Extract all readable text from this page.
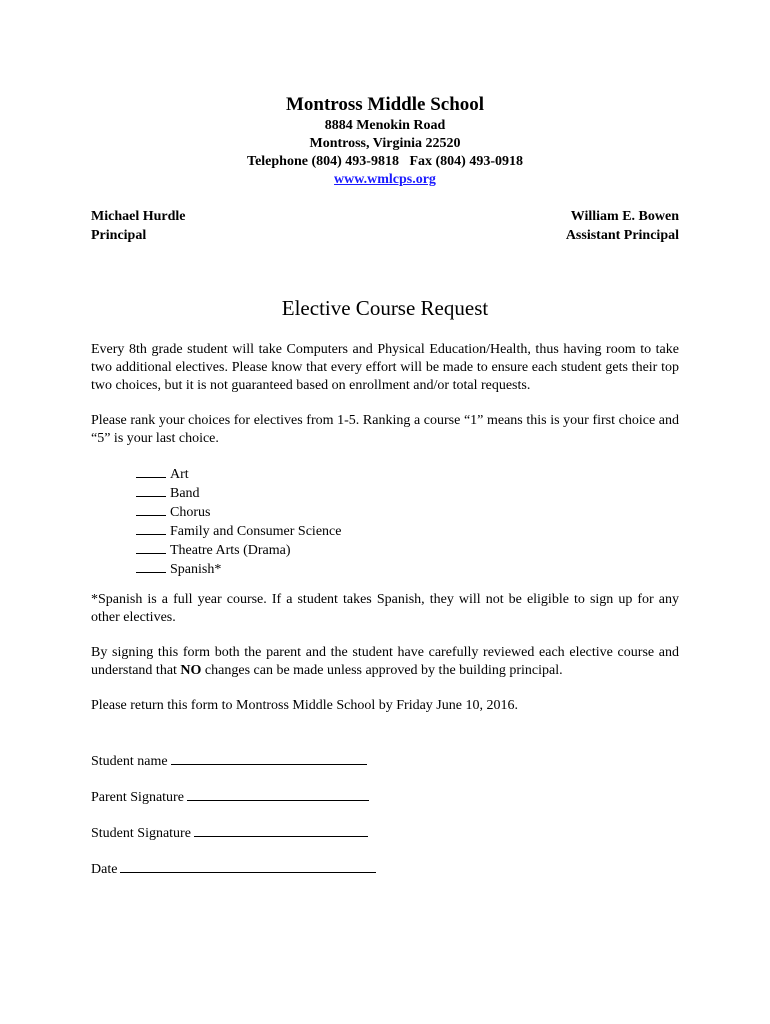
Montross Middle School
8884 Menokin Road
Montross, Virginia 22520
Telephone (804) 493-9818   Fax (804) 493-0918
www.wmlcps.org
Michael Hurdle
Principal
William E. Bowen
Assistant Principal
Elective Course Request
Every 8th grade student will take Computers and Physical Education/Health, thus having room to take two additional electives. Please know that every effort will be made to ensure each student gets their top two choices, but it is not guaranteed based on enrollment and/or total requests.
Please rank your choices for electives from 1-5. Ranking a course “1” means this is your first choice and “5” is your last choice.
Art
Band
Chorus
Family and Consumer Science
Theatre Arts (Drama)
Spanish*
*Spanish is a full year course. If a student takes Spanish, they will not be eligible to sign up for any other electives.
By signing this form both the parent and the student have carefully reviewed each elective course and understand that NO changes can be made unless approved by the building principal.
Please return this form to Montross Middle School by Friday June 10, 2016.
Student name
Parent Signature
Student Signature
Date
